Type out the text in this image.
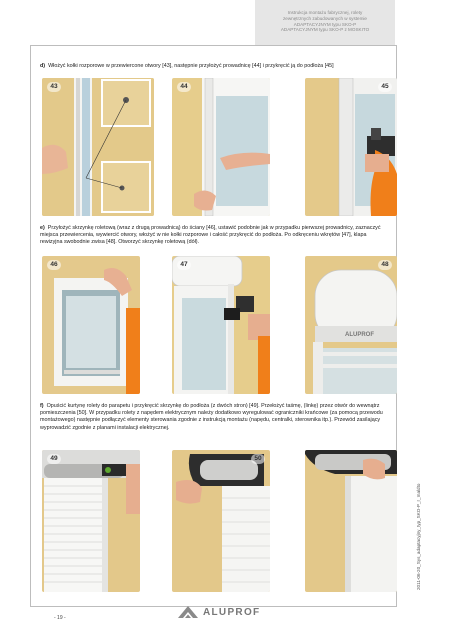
Instrukcja montażu fabrycznej, rolety
zewnętrznych zabudowanych w systemie
ADAPTACYJNYM typu SKO-P
ADAPTACYJNYM typu SKO-P z MOSKITO
d) Włożyć kołki rozporowe w przewiercone otwory [43], następnie przyłożyć prowadnicę [44] i przykręcić ją do podłoża [45]
43	44	45
e) Przyłożyć skrzynkę roletową (wraz z drugą prowadnicą) do ściany [46], ustawić podobnie jak w przypadku pierwszej prowadnicy, zaznaczyć miejsca przewiercenia, wywiercić otwory, włożyć w nie kołki rozporowe i całość przykręcić do podłoża. Po odkręceniu wkrętów [47], klapa rewizyjna swobodnie zwisa [48]. Otworzyć skrzynkę roletową (dół).
46	47	48
ALUPROF
f) Opuścić kurtynę rolety do parapetu i przykręcić skrzynkę do podłoża (z dwóch stron) [49]. Przełożyć taśmę, (linkę) przez otwór do wewnątrz pomieszczenia [50]. W przypadku rolety z napędem elektrycznym należy dodatkowo wyregulować ograniczniki krańcowe (za pomocą przewodu montażowego) następnie podłączyć elementy sterowania zgodnie z instrukcją montażu (napędu, centralki, sterownika itp.). Przewód zasilający wyprowadzić zgodnie z planami instalacji elektrycznej.
49	50
2011-06-20_Sys_adaptacyjny_typ_SKO-P_r_maldto
- 19 -
ALUPROF
